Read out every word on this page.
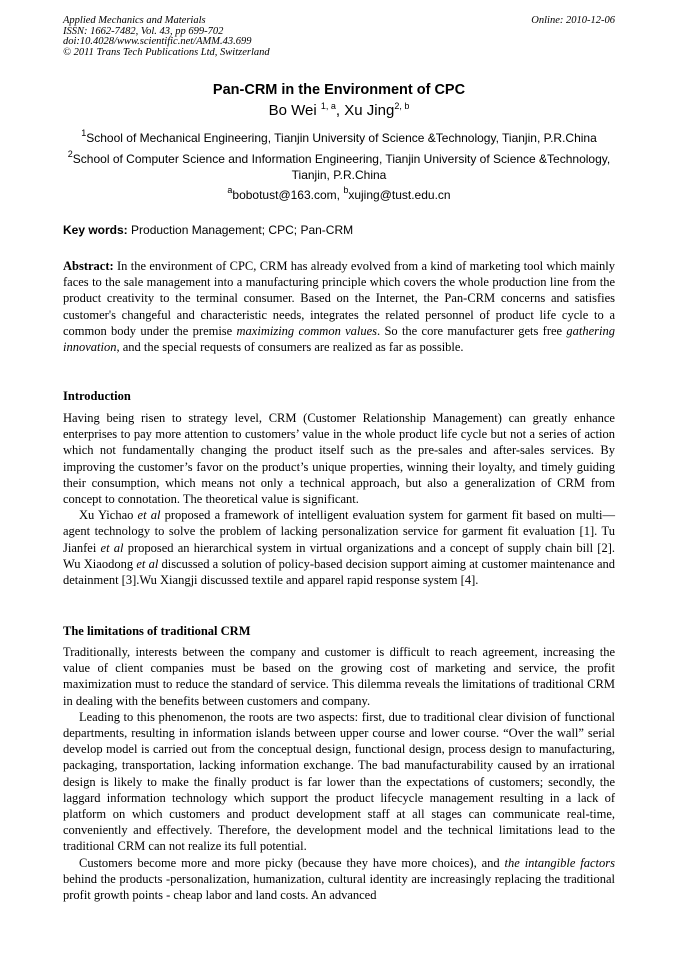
Applied Mechanics and Materials
ISSN: 1662-7482, Vol. 43, pp 699-702
doi:10.4028/www.scientific.net/AMM.43.699
© 2011 Trans Tech Publications Ltd, Switzerland
Online: 2010-12-06
Pan-CRM in the Environment of CPC
Bo Wei $^{1, a}$, Xu Jing$^{2, b}$
$^1$School of Mechanical Engineering, Tianjin University of Science &Technology, Tianjin, P.R.China
$^2$School of Computer Science and Information Engineering, Tianjin University of Science &Technology, Tianjin, P.R.China
$^a$bobotust@163.com, $^b$xujing@tust.edu.cn
Key words: Production Management; CPC; Pan-CRM
Abstract: In the environment of CPC, CRM has already evolved from a kind of marketing tool which mainly faces to the sale management into a manufacturing principle which covers the whole production line from the product creativity to the terminal consumer. Based on the Internet, the Pan-CRM concerns and satisfies customer's changeful and characteristic needs, integrates the related personnel of product life cycle to a common body under the premise maximizing common values. So the core manufacturer gets free gathering innovation, and the special requests of consumers are realized as far as possible.
Introduction

Having being risen to strategy level, CRM (Customer Relationship Management) can greatly enhance enterprises to pay more attention to customers’ value in the whole product life cycle but not a series of action which not fundamentally changing the product itself such as the pre-sales and after-sales services. By improving the customer’s favor on the product’s unique properties, winning their loyalty, and timely guiding their consumption, which means not only a technical approach, but also a generalization of CRM from concept to connotation. The theoretical value is significant.

Xu Yichao et al proposed a framework of intelligent evaluation system for garment fit based on multi—agent technology to solve the problem of lacking personalization service for garment fit evaluation [1]. Tu Jianfei et al proposed an hierarchical system in virtual organizations and a concept of supply chain bill [2]. Wu Xiaodong et al discussed a solution of policy-based decision support aiming at customer maintenance and detainment [3].Wu Xiangji discussed textile and apparel rapid response system [4].

The limitations of traditional CRM

Traditionally, interests between the company and customer is difficult to reach agreement, increasing the value of client companies must be based on the growing cost of marketing and service, the profit maximization must to reduce the standard of service. This dilemma reveals the limitations of traditional CRM in dealing with the benefits between customers and company.

Leading to this phenomenon, the roots are two aspects: first, due to traditional clear division of functional departments, resulting in information islands between upper course and lower course. “Over the wall” serial develop model is carried out from the conceptual design, functional design, process design to manufacturing, packaging, transportation, lacking information exchange. The bad manufacturability caused by an irrational design is likely to make the finally product is far lower than the expectations of customers; secondly, the laggard information technology which support the product lifecycle management resulting in a lack of platform on which customers and product development staff at all stages can communicate real-time, conveniently and effectively. Therefore, the development model and the technical limitations lead to the traditional CRM can not realize its full potential.

Customers become more and more picky (because they have more choices), and the intangible factors behind the products -personalization, humanization, cultural identity are increasingly replacing the traditional profit growth points - cheap labor and land costs. An advanced
